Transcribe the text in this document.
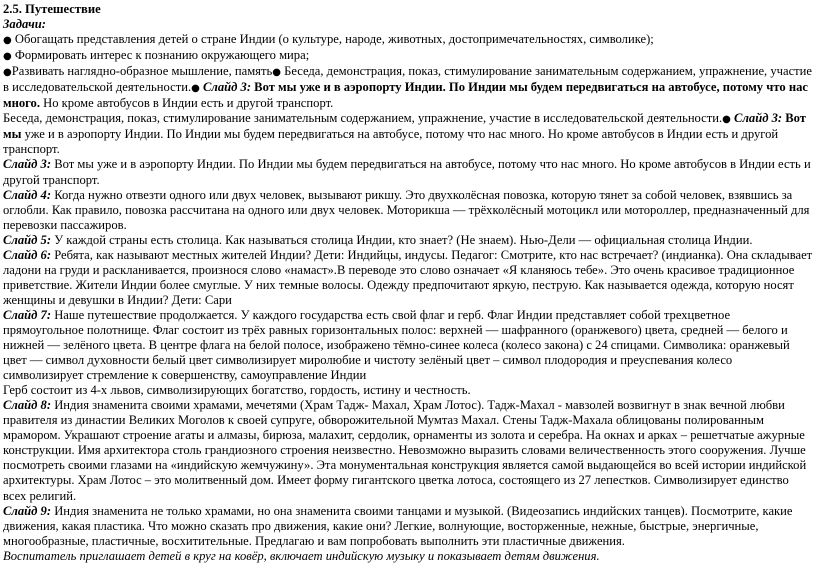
2.5. Путешествие

Задачи:

● Обогащать представления детей о стране Индии (о культуре, народе, животных, достопримечательностях, символике);

● Формировать интерес к познанию окружающего мира;

●Развивать наглядно-образное мышление, память● Беседа, демонстрация, показ, стимулирование занимательным содержанием, упражнение, участие в исследовательской деятельности.● Слайд 3: Вот мы уже и в аэропорту Индии. По Индии мы будем передвигаться на автобусе, потому что нас много. Но кроме автобусов в Индии есть и другой транспорт.

Беседа, демонстрация, показ, стимулирование занимательным содержанием, упражнение, участие в исследовательской деятельности.● Слайд 3: Вот мы уже и в аэропорту Индии. По Индии мы будем передвигаться на автобусе, потому что нас много. Но кроме автобусов в Индии есть и другой транспорт.

Слайд 3: Вот мы уже и в аэропорту Индии. По Индии мы будем передвигаться на автобусе, потому что нас много. Но кроме автобусов в Индии есть и другой транспорт.

Слайд 4: Когда нужно отвезти одного или двух человек, вызывают рикшу. Это двухколёсная повозка, которую тянет за собой человек, взявшись за оглобли. Как правило, повозка рассчитана на одного или двух человек. Моторикша — трёхколёсный мотоцикл или мотороллер, предназначенный для перевозки пассажиров.

Слайд 5: У каждой страны есть столица. Как называться столица Индии, кто знает? (Не знаем). Нью-Дели — официальная столица Индии.

Слайд 6: Ребята, как называют местных жителей Индии? Дети: Индийцы, индусы. Педагог: Смотрите, кто нас встречает? (индианка). Она складывает ладони на груди и раскланивается, произнося слово «намаст».В переводе это слово означает «Я кланяюсь тебе». Это очень красивое традиционное приветствие. Жители Индии более смуглые. У них темные волосы. Одежду предпочитают яркую, пеструю. Как называется одежда, которую носят женщины и девушки в Индии? Дети: Сари

Слайд 7: Наше путешествие продолжается. У каждого государства есть свой флаг и герб. Флаг Индии представляет собой трехцветное прямоугольное полотнище. Флаг состоит из трёх равных горизонтальных полос: верхней — шафранного (оранжевого) цвета, средней — белого и нижней — зелёного цвета. В центре флага на белой полосе, изображено тёмно-синее колеса (колесо закона) с 24 спицами. Символика: оранжевый цвет — символ духовности белый цвет символизирует миролюбие и чистоту зелёный цвет – символ плодородия и преуспевания колесо символизирует стремление к совершенству, самоуправление Индии

Герб состоит из 4-х львов, символизирующих богатство, гордость, истину и честность.

Слайд 8: Индия знаменита своими храмами, мечетями (Храм Тадж- Махал, Храм Лотос). Тадж-Махал - мавзолей возвигнут в знак вечной любви правителя из династии Великих Моголов к своей супруге, обворожительной Мумтаз Махал. Стены Тадж-Махала облицованы полированным мрамором. Украшают строение агаты и алмазы, бирюза, малахит, сердолик, орнаменты из золота и серебра. На окнах и арках – решетчатые ажурные конструкции. Имя архитектора столь грандиозного строения неизвестно. Невозможно выразить словами величественность этого сооружения. Лучше посмотреть своими глазами на «индийскую жемчужину». Эта монументальная конструкция является самой выдающейся во всей истории индийской архитектуры. Храм Лотос – это молитвенный дом. Имеет форму гигантского цветка лотоса, состоящего из 27 лепестков. Символизирует единство всех религий.

Слайд 9: Индия знаменита не только храмами, но она знаменита своими танцами и музыкой. (Видеозапись индийских танцев). Посмотрите, какие движения, какая пластика. Что можно сказать про движения, какие они? Легкие, волнующие, восторженные, нежные, быстрые, энергичные, многообразные, пластичные, восхитительные. Предлагаю и вам попробовать выполнить эти пластичные движения.

Воспитатель приглашает детей в круг на ковёр, включает индийскую музыку и показывает детям движения.
